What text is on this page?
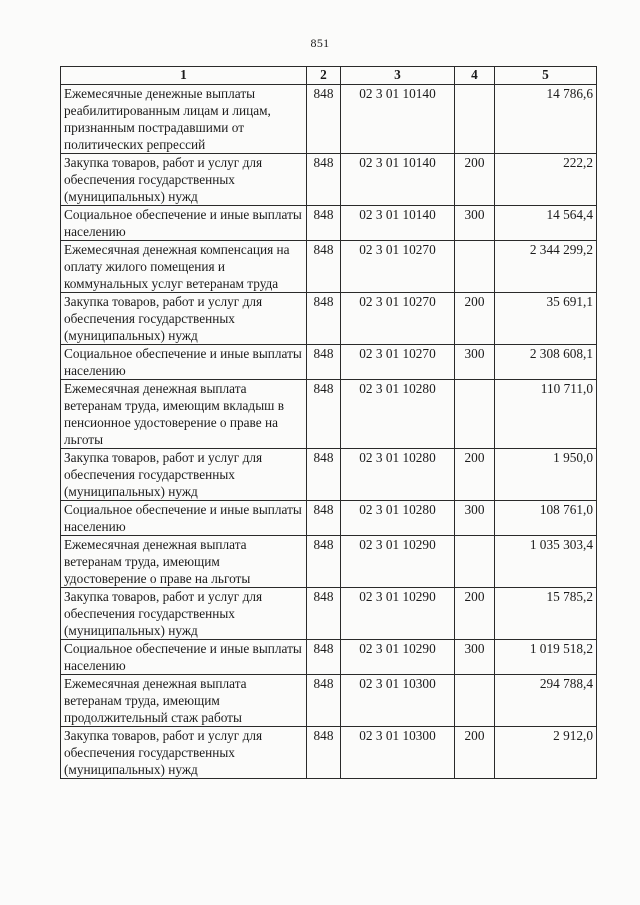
851
1	2	3	4	5
Ежемесячные денежные выплаты реабилитированным лицам и лицам, признанным пострадавшими от политических репрессий	848	02 3 01 10140		14 786,6
Закупка товаров, работ и услуг для обеспечения государственных (муниципальных) нужд	848	02 3 01 10140	200	222,2
Социальное обеспечение и иные выплаты населению	848	02 3 01 10140	300	14 564,4
Ежемесячная денежная компенсация на оплату жилого помещения и коммунальных услуг ветеранам труда	848	02 3 01 10270		2 344 299,2
Закупка товаров, работ и услуг для обеспечения государственных (муниципальных) нужд	848	02 3 01 10270	200	35 691,1
Социальное обеспечение и иные выплаты населению	848	02 3 01 10270	300	2 308 608,1
Ежемесячная денежная выплата ветеранам труда, имеющим вкладыш в пенсионное удостоверение о праве на льготы	848	02 3 01 10280		110 711,0
Закупка товаров, работ и услуг для обеспечения государственных (муниципальных) нужд	848	02 3 01 10280	200	1 950,0
Социальное обеспечение и иные выплаты населению	848	02 3 01 10280	300	108 761,0
Ежемесячная денежная выплата ветеранам труда, имеющим удостоверение о праве на льготы	848	02 3 01 10290		1 035 303,4
Закупка товаров, работ и услуг для обеспечения государственных (муниципальных) нужд	848	02 3 01 10290	200	15 785,2
Социальное обеспечение и иные выплаты населению	848	02 3 01 10290	300	1 019 518,2
Ежемесячная денежная выплата ветеранам труда, имеющим продолжительный стаж работы	848	02 3 01 10300		294 788,4
Закупка товаров, работ и услуг для обеспечения государственных (муниципальных) нужд	848	02 3 01 10300	200	2 912,0
